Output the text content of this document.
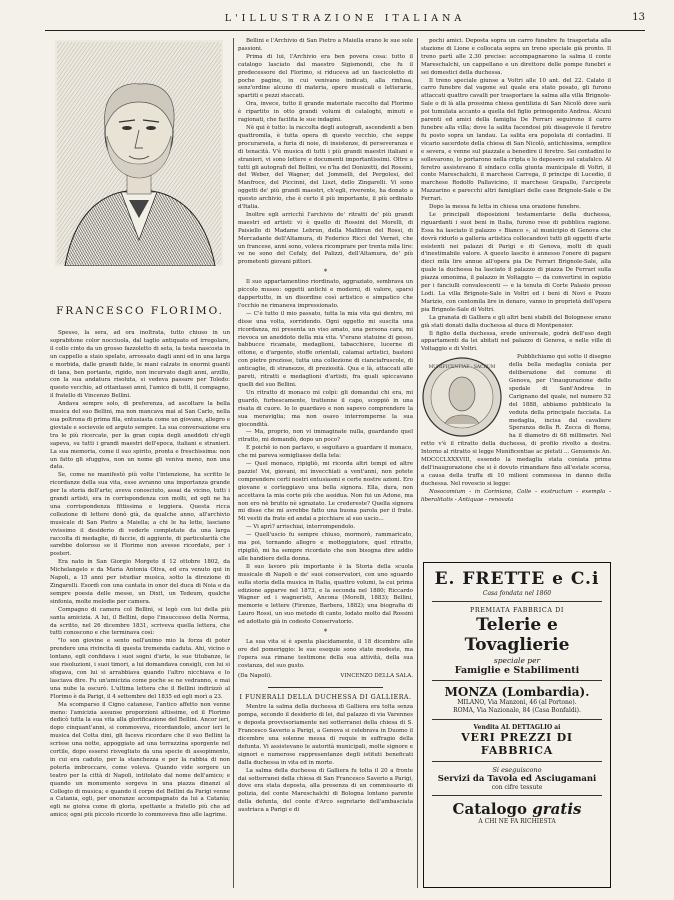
L'ILLUSTRAZIONE ITALIANA	13
FRANCESCO FLORIMO.

Spesso, la sera, ad ora inoltrata, tutto chiuso in un soprabitone color nocciuola, dal taglio antiquato ed irregolare, il collo cinto da un grosso fazzoletto di seta, la testa nascosta in un cappello a staio spelato, arrossato dagli anni ed in una larga e morbida, dalle grandi falde, le mani calzate in enormi guanti di lana, ben portante, rigido, non incurvato dagli anni, arzillo, con la sua andatura risoluta, si vedeva passare per Toledo: questo vecchio, ad ottantasei anni, l'amico di tutti, il compagno, il fratello di Vincenzo Bellini.

Andava sempre solo, di preferenza, ad ascoltare la bella musica del suo Bellini, ma non mancava mai al San Carlo, nella sua poltrona di prima fila, entusiasta come un giovane, allegro e gioviale e socievole ed arguto sempre. La sua conversazione era tra le più ricercate, per la gran copia degli aneddoti ch'egli sapeva, su tutti i grandi maestri dell'epoca, italiani e stranieri. La sua memoria, come il suo spirito, pronta e freschissima: non un fatto gli sfuggiva, non un nome gli veniva meno, non una data.

Se, come ne manifestò più volte l'intenzione, ha scritto le ricordanze della sua vita, esse avranno una importanza grande per la storia dell'arte; aveva conosciuto, assai da vicino, tutti i grandi artisti, era in corrispondenza con molti, ed egli ne ha una corrispondenza fittissima e leggiera. Questa ricca collezione di lettere donò già, da qualche anno, all'archivio musicale di San Pietro a Maiella; a chi le ha lette, lasciano vivissimo il desiderio di vederle completate da una larga raccolta di medaglie, di faccie, di aggiunte, di particolarità che sarebbe doloroso se il Florimo non avesse ricordate, per i posteri.

Era nato in San Giorgio Morgeto il 12 ottobre 1802, da Michelangelo e da Maria Antonia Oliva, ed era venuto qui in Napoli, a 15 anni per istudiar musica, sotto la direzione di Zingarelli. Esordì con una cantata in onor del duca di Noia e da sempre poesia delle messe, un Dixit, un Tedeum, qualche sinfonia, molte melodie per camera.

Compagno di camera col Bellini, si legò con lui della più santa amicizia. A lui, il Bellini, dopo l'insuccesso della Norma, da scritto, nel 26 dicembre 1831, scriveva quella lettera, che tutti conoscono e che terminava così:

"Io son giovine e sento nell'animo mio la forza di poter prendere una rivincita di questa tremenda caduta. Ahi, vicino o lontano, egli confidava i suoi sogni d'arte, le sue titubanze, le sue risoluzioni, i suoi timori, a lui domandava consigli, con lui si sfogava, con lui si arrabbiava quando l'altro nicchiava e lo lasciava dire. Fu un'amicizia come poche se ne vedranno, e mai una nube la oscurò. L'ultima lettera che il Bellini indirizzò al Florimo è da Parigi, il 4 settembre del 1835 ed egli morì a 23.

Ma scomparso il Cigno catanese, l'antico affetto non venne meno: l'amicizia assunse proporzioni altissime, ed il Florimo dedicò tutta la sua vita alla glorificazione del Bellini. Ancor ieri, dopo cinquant'anni, si commoveva, ricordandolo, ancor ieri le musica del Cotta dini, gli faceva ricordare che il suo Bellini la scrisse una notte, appoggiato ad una terrazzina sporgente nel cortile, dopo essersi risvegliato da una specie di assopimento, in cui era caduto, per la stanchezza e per la rabbia di non poterla imbroccare, come voleva. Quando vide sorgere un teatro per la città di Napoli, intitolato dal nome dell'amico; e quando un monumento sorgeva in una piazza dinanzi al Collegio di musica; e quando il corpo del Bellini da Parigi venne a Catania, egli, per onoranze accompagnato da lui a Catania; egli ne gioiva come di gloria, spettante a fratello più che ad amico; ogni più piccolo ricordo lo commoveva fino alle lagrime.

Bellini e l'Archivio di San Pietro a Maiella erano le sue sole passioni.

Prima di lui, l'Archivio era ben povera cosa: tutto il catalogo lasciato dal maestro Sigismondi, che fu il predecessore del Florimo, si riduceva ad un fascicoletto di poche pagine, in cui venivano indicati, alla rinfusa, senz'ordine alcuno di materia, opere musicali e letterarie, spartiti e pezzi staccati.

Ora, invece, tutto il grande materiale raccolto dal Florimo è ripartito in otto grandi volumi di cataloghi, minuti e ragionati, che facilita le sue indagini.

Nè qui è tutto: la raccolta degli autografi, ascendenti a ben quattromila, è tutta opera di questo vecchio, che seppe procurarsela, a furia di noie, di insistenze, di perseveranza e di tenacità. V'è musica di tutti i più grandi maestri italiani e stranieri, vi sono lettere e documenti importantissimi. Oltre a tutti gli autografi del Bellini, ve n'ha del Donizetti, del Rossini, del Weber, del Wagner, del Jommelli, del Pergolesi, del Manfroce, del Piccinni, del Liszt, dello Zingarelli. Vi sono oggetti de' più grandi maestri, ch'egli, riverente, ha donato a questo archivio, che è certo il più importante, il più ordinato d'Italia.

Inoltre egli arricchì l'archivio de' ritratti de' più grandi maestri ed artisti: vi è quello di Rossini del Morelli, di Paisiello di Madame Lebrun, della Malibran del Rossi, di Mercadante dell'Altamura, di Federico Ricci del Vernet, che un francese, anni sono, voleva ricomprare per trenta mila lire: ve ne sono del Cefaly, del Palizzi, dell'Altamura, de' più prometenti giovani pittori.

*

Il suo appartamentino riordinato, aggraziato, sembrava un piccolo museo: oggetti antichi e moderni, di valore, sparsi dappertutto, in un disordine così artistico e simpatico che l'occhio ne rimaneva impressionato.

— C'è tutto il mio passato, tutta la mia vita qui dentro, mi disse una volta, sorridendo. Ogni oggetto mi suscita una ricordanza, mi presenta un viso amato, una persona cara, mi rievoca un aneddoto della mia vita. V'erano statuine di gesso, babbucce ricamate, medaglioni, tabacchiere, lucerne di ottone, e d'argento, stoffe orientali, calamai artistici, bastoni con pietre preziose, tutta una collezione di cianciafruscole, di anticaglie, di stranezze, di preziosità. Qua e là, attaccati alle pareti, ritratti e medaglioni d'artisti, fra quali spiccavano quelli del suo Bellini.

Un ritratto di monaco mi colpì: gli domandai chi era, mi guardò, furbescamente, trattenne il capo, scoppiò in una risata di cuore. Io lo guardavo e non sapevo comprendere la sua meraviglia; ma non osavo interromperne la sua giocondità.

— Ma, proprio, non vi immaginate nulla, guardando quel ritratto, mi domandò, dopo un poco?

E poichè io non parlavo, e seguitavo a guardare il monaco, che mi pareva somigliasse della tela:

— Quel monaco, ripigliò, mi ricorda altri tempi ed altre pazzie! Voi, giovani, mi invecchiati a vent'anni, non potete comprendere certi nostri entusiasmi e certe nostre azioni. Ero giovane e corteggiavo una bella signora. Ella, dura, non accettava la mia corte più che assidua. Non fui un Adone, ma non ero nè brutto nè sgraziato. Le credereste? Quella signora mi disse che mi avrebbe fatto una buona parola per il frate. Mi vestii da frate ed andai a picchiare al suo uscio...

— Vi aprì? arrischiai, interrompendolo.

— Quell'uscio fu sempre chiuso, mormorò, rammaricato, ma poi, tornando allegro e motteggiatore, quel ritratto, ripigliò, mi ha sempre ricordato che non bisogna dire addio alle bandiere della donna.

Il suo lavoro più importante è la Storia della scuola musicale di Napoli e de' suoi conservatori, con uno sguardo sulla storia della musica in Italia, quattro volumi, la cui prima edizione apparve nel 1873, e la seconda nel 1880; Riccardo Wagner ed i wagneristi, Ancona (Morelli, 1883); Bellini, memorie e lettere (Firenze, Barbera, 1882); una biografia di Lauro Rossi, un suo metodo di canto, lodato molto dal Rossini ed adottato già in codesto Conservatorio.

*

La sua vita si è spenta placidamente, il 18 dicembre alle ore del pomeriggio: le sue esequie sono state modeste, ma l'opera sua rimane testimone della sua attività, della sua costanza, del suo gusto.

(Da Napoli).	VINCENZO DELLA SALA.
I FUNERALI DELLA DUCHESSA DI GALLIERA.

Mentre la salma della duchessa di Galliera era tolta senza pompa, secondo il desiderio di lei, dal palazzo di via Varennes e deposta provvisoriamente nei sotterranei della chiesa di S. Francesco Saverio a Parigi, a Genova si celebrava in Duomo il dicembre una solenne messa di requie in suffragio della defunta. Vi assistevano le autorità municipali, molte signore e signori e numerose rappresentanze degli istituti beneficati dalla duchessa in vita ed in morte.

La salma della duchessa di Galliera fu tolta il 20 a fronte dai sotterranei della chiesa di San Francesco Saverio a Parigi, dove era stata deposta, alla presenza di un commissario di polizia, del conte Mareschalchi di Bologna lontano parente della defunta, del conte d'Arco segretario dell'ambasciata austriaca a Parigi e di

pochi amici. Deposta sopra un carro funebre fu trasportata alla stazione di Lione e collocata sopra un treno speciale già pronto. Il treno partì alle 2.30 precise: accompagnarono la salma il conte Mareschalchi, un cappellano e un direttore delle pompe funebri e sei domestici della duchessa.

Il treno speciale giunse a Voltri alle 10 ant. del 22. Calato il carro funebre dal vagone sul quale era stato posato, gli furono attaccati quattro cavalli per trasportare la salma alla villa Brignole-Sale o di là alla prossima chiesa gentilizia di San Nicolò dove sarà poi tumulata accanto a quella del figlio primogenito Andrea. Alcuni parenti ed amici della famiglia De Ferrari seguirono il carro funebre alla villa; dove la salita facendosi più disagevole il feretro fu posto sopra un landau. La salita era popolata di contadini. Il vicario sacerdote della chiesa di San Nicolò, antichissima, semplice e severa, e venne sul piazzale a benedire il feretro. Sei contadini lo sollevarono, lo portarono nella cripta e lo deposero sul catafalco. Al feretro assistevano il sindaco colla giunta municipale di Voltri, il conte Mareschalchi, il marchese Carrega, il principe di Lucedio, il marchese Rodolfo Pallavicino, il marchese Grapallo, l'arciprete Mazzarino e parecchi altri famigliari delle case Brignole-Sale e De Ferrari.

Dopo la messa fu letta in chiesa una orazione funebre.

Le principali disposizioni testamentarie della duchessa, riguardanti i suoi beni in Italia, furono rese di pubblica ragione. Essa ha lasciato il palazzo « Bianco », al municipio di Genova che dovrà ridurlo a galleria artistica collocandovi tutti gli oggetti d'arte esistenti nei palazzi di Parigi e di Genova, molti di quali d'inestimabile valore. A questo lascito è annesso l'onere di pagare dieci mila lire annue all'opera pia De Ferrari Brignole-Sale, alla quale la duchessa ha lasciato il palazzo di piazza De Ferrari sulla piazza omonima, il palazzo in Voltaggio — da convertirsi in ospizio per i fanciulli convalescenti — e la tenuta di Corte Palasio presso Lodi. La villa Brignole-Sale in Voltri ed i beni di Novi e Pozzo Marizio, con centomila lire in denaro, vanno in proprietà dell'opera pia Brignole-Sale di Voltri.

La granata di Galliera e gli altri beni stabili del Bolognese erano già stati donati dalla duchessa al duca di Montpensier.

Il figlio della duchessa, erede universale, godrà dell'uso degli appartamenti da lei abitati nel palazzo di Genova, e nelle ville di Voltaggio e di Voltri.

MUNIFICENTIAE · SACRUM

Pubblichiamo qui sotto il disegno della bella medaglia coniata per deliberazione del comune di Genova, per l'inaugurazione dello spedale di Sant'Andrea in Carignano del quale, nel numero 52 del 1888, abbiamo pubblicato la veduta della principale facciata. La medaglia, incisa dal cavaliere Speranza della R. Zecca di Roma, ha il diametro di 68 millimetri. Nel retto v'è il ritratto della duchessa, di profilo rivolto a destra. Intorno al ritratto si legge Munificentiae ac pietati ... Genuensis An. MDCCCLXXXVIII, essendo la medaglia stata coniata prima dell'inaugurazione che si è dovuto rimandare fino all'estate scorsa, a causa della truffa di 10 milioni commessa in danno della duchessa. Nel rovescio si legge:

Nosocomium - in Coriniano, Colle - exstructum - exempla - liberalitatis - Antiquae - renovata

E. FRETTE e C.i
Casa fondata nel 1860
PREMIATA FABBRICA DI
Telerie e Tovaglierie
speciale per
Famiglie e Stabilimenti
MONZA (Lombardia).
MILANO, Via Manzoni, 46 (al Portone).
ROMA, Via Nazionale, 84 (Casa Bonfaldi).
Vendita AL DETTAGLIO ai
VERI PREZZI DI FABBRICA
Si eseguiscono
Servizi da Tavola ed Asciugamani
con cifre tessute
Catalogo gratis
A CHI NE FA RICHIESTA
